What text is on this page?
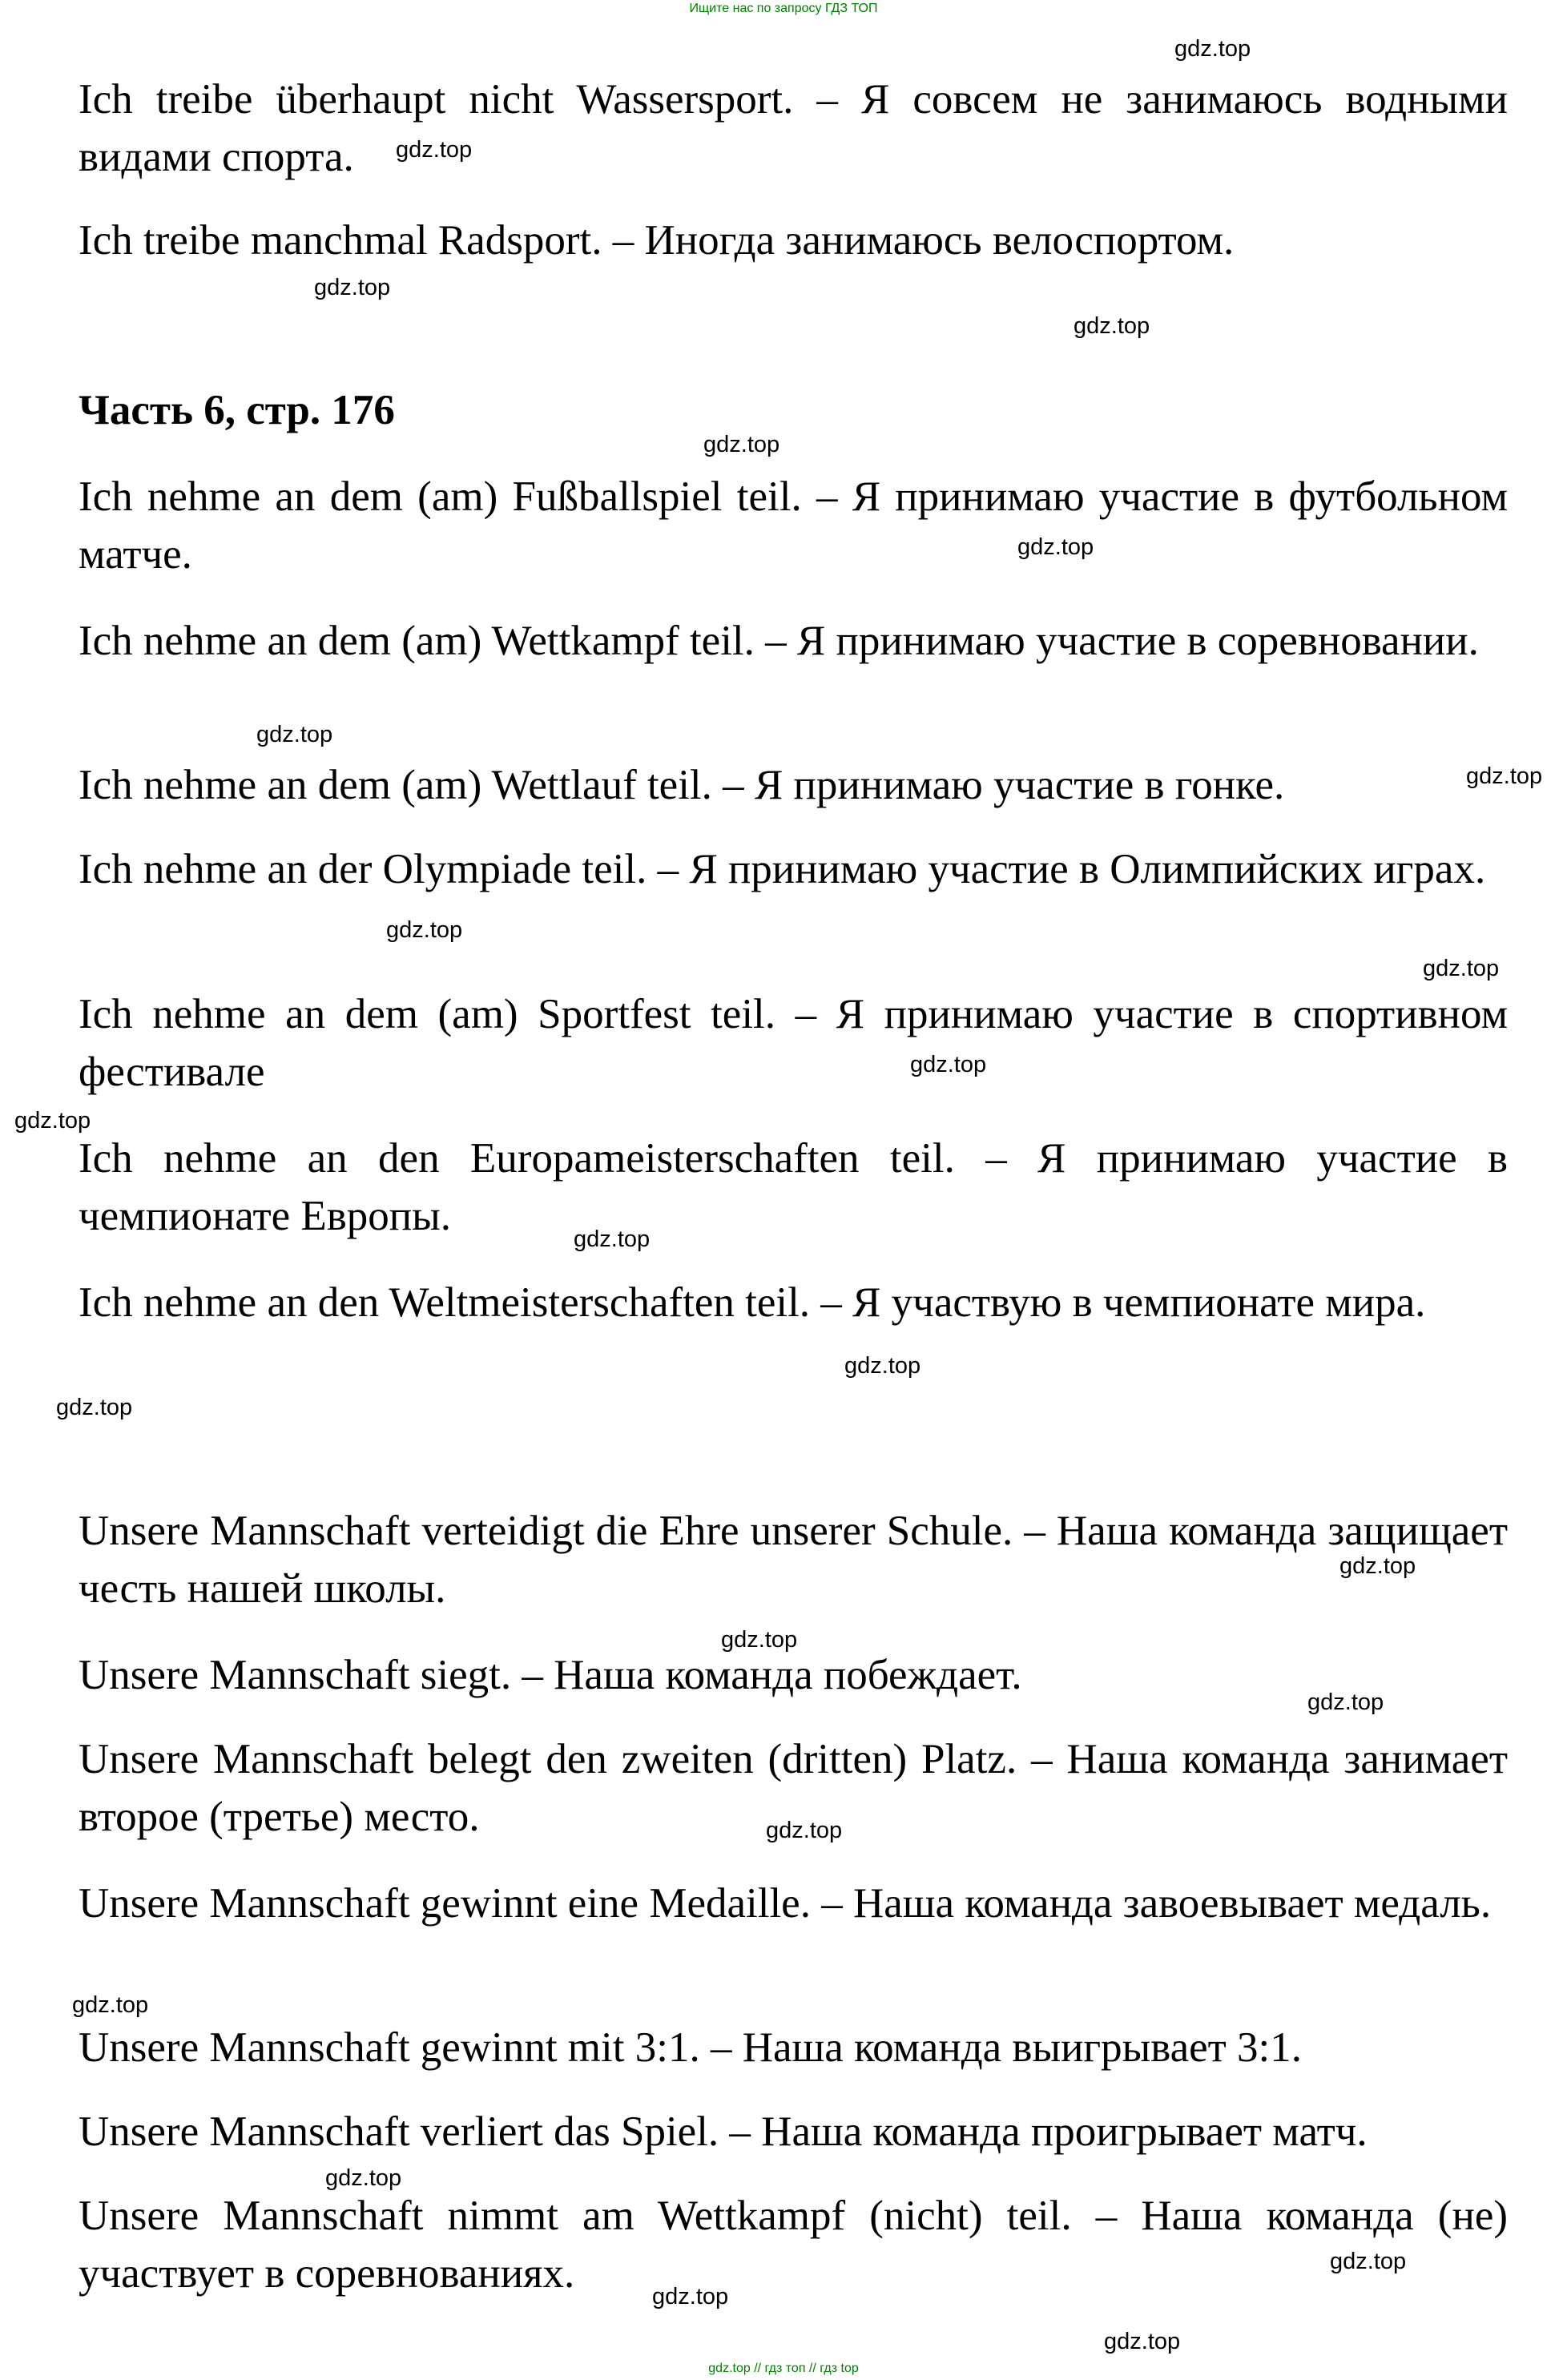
Ищите нас по запросу ГДЗ ТОП

Ich treibe überhaupt nicht Wassersport. – Я совсем не занимаюсь водными видами спорта.

Ich treibe manchmal Radsport. – Иногда занимаюсь велоспортом.

Часть 6, стр. 176

Ich nehme an dem (am) Fußballspiel teil. – Я принимаю участие в футбольном матче.

Ich nehme an dem (am) Wettkampf teil. – Я принимаю участие в соревновании.

Ich nehme an dem (am) Wettlauf teil. – Я принимаю участие в гонке.

Ich nehme an der Olympiade teil. – Я принимаю участие в Олимпийских играх.

Ich nehme an dem (am) Sportfest teil. – Я принимаю участие в спортивном фестивале

Ich nehme an den Europameisterschaften teil. – Я принимаю участие в чемпионате Европы.

Ich nehme an den Weltmeisterschaften teil. – Я участвую в чемпионате мира.

Unsere Mannschaft verteidigt die Ehre unserer Schule. – Наша команда защищает честь нашей школы.

Unsere Mannschaft siegt. – Наша команда побеждает.

Unsere Mannschaft belegt den zweiten (dritten) Platz. – Наша команда занимает второе (третье) место.

Unsere Mannschaft gewinnt eine Medaille. – Наша команда завоевывает медаль.

Unsere Mannschaft gewinnt mit 3:1. – Наша команда выигрывает 3:1.

Unsere Mannschaft verliert das Spiel. – Наша команда проигрывает матч.

Unsere Mannschaft nimmt am Wettkampf (nicht) teil. – Наша команда (не) участвует в соревнованиях.

gdz.top
gdz.top
gdz.top
gdz.top
gdz.top
gdz.top
gdz.top
gdz.top
gdz.top
gdz.top
gdz.top
gdz.top
gdz.top
gdz.top
gdz.top
gdz.top
gdz.top
gdz.top
gdz.top
gdz.top
gdz.top
gdz.top
gdz.top
gdz.top
gdz.top // гдз топ // гдз top
